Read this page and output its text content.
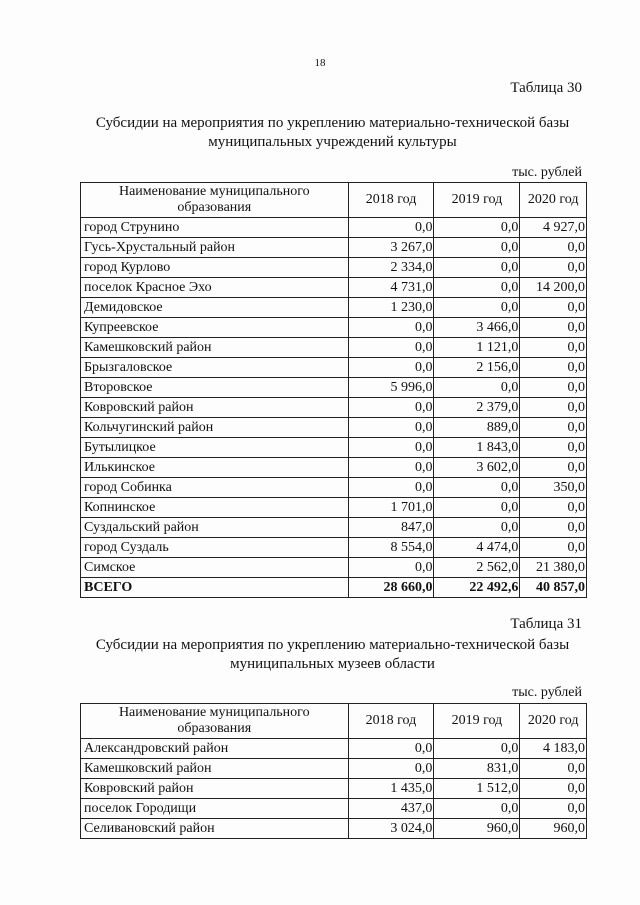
18
Таблица 30
Субсидии на мероприятия по укреплению материально-технической базы
муниципальных учреждений культуры
тыс. рублей
Наименование муниципального образования	2018 год	2019 год	2020 год
город Струнино	0,0	0,0	4 927,0
Гусь-Хрустальный район	3 267,0	0,0	0,0
город Курлово	2 334,0	0,0	0,0
поселок Красное Эхо	4 731,0	0,0	14 200,0
Демидовское	1 230,0	0,0	0,0
Купреевское	0,0	3 466,0	0,0
Камешковский район	0,0	1 121,0	0,0
Брызгаловское	0,0	2 156,0	0,0
Второвское	5 996,0	0,0	0,0
Ковровский район	0,0	2 379,0	0,0
Кольчугинский район	0,0	889,0	0,0
Бутылицкое	0,0	1 843,0	0,0
Илькинское	0,0	3 602,0	0,0
город Собинка	0,0	0,0	350,0
Копнинское	1 701,0	0,0	0,0
Суздальский район	847,0	0,0	0,0
город Суздаль	8 554,0	4 474,0	0,0
Симское	0,0	2 562,0	21 380,0
ВСЕГО	28 660,0	22 492,6	40 857,0
Таблица 31
Субсидии на мероприятия по укреплению материально-технической базы
муниципальных музеев области
тыс. рублей
Наименование муниципального образования	2018 год	2019 год	2020 год
Александровский район	0,0	0,0	4 183,0
Камешковский район	0,0	831,0	0,0
Ковровский район	1 435,0	1 512,0	0,0
поселок Городищи	437,0	0,0	0,0
Селивановский район	3 024,0	960,0	960,0
